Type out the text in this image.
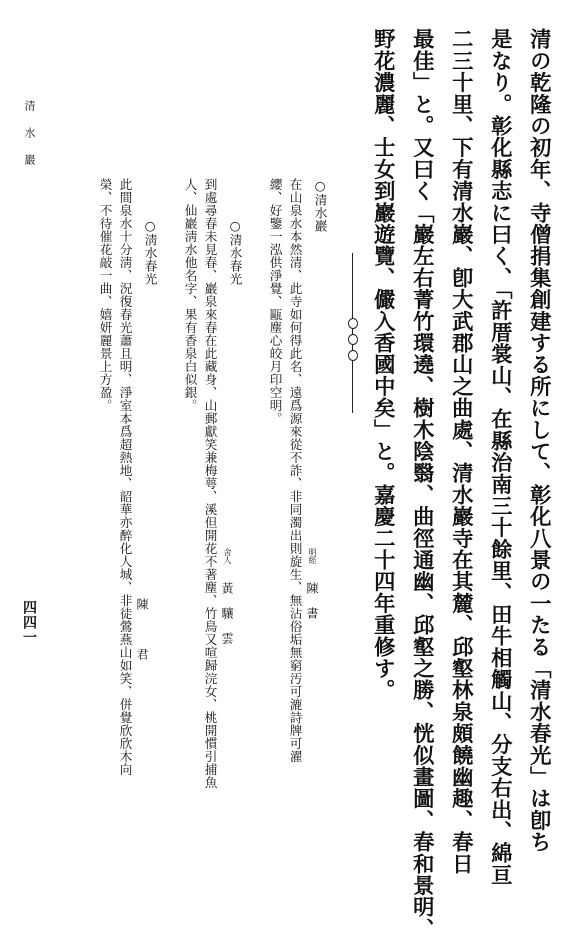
清の乾隆の初年、寺僧捐集創建する所にして、彰化八景の一たる「清水春光」は卽ち
是なり。彰化縣志に曰く、「許厝裳山、在縣治南三十餘里、田牛相觸山、分支右出、綿亘
二三十里、下有清水巖、卽大武郡山之曲處、清水巖寺在其麓、邱壑林泉頗饒幽趣、春日
最佳」と。又曰く「巖左右菁竹環遶、樹木陰翳、曲徑通幽、邱壑之勝、恍似畫圖、春和景明、
野花濃麗、士女到巖遊覽、儼入香國中矣」と。嘉慶二十四年重修す。
○清水巖
明經陳　書
在山泉水本然清、此寺如何得此名、遠爲源來從不詐、非同濁出則旋生、無沾俗垢無窮汚可漉詩牌可濯
纓、好鑒一泓供淨覺、甌塵心皎月印空明。
○清水春光
舍人黃　驤　雲
到處尋春未見春、巖泉來春在此藏身、山郵獻笑兼梅萼、溪但開花不著塵、竹鳥又喧歸浣女、桃開慣引捕魚
人、仙巖淸水他名字、果有香泉白似銀。
○淸水春光
陳　　　君
此間泉水十分淸、況復春光蕭且明、淨室本爲超熱地、韶華亦醉化人城、非徒鶯燕山如笑、併覺欣欣木向
榮、不待催花敲一曲、嬉妍麗景上方盈。
清水巖
四四一
